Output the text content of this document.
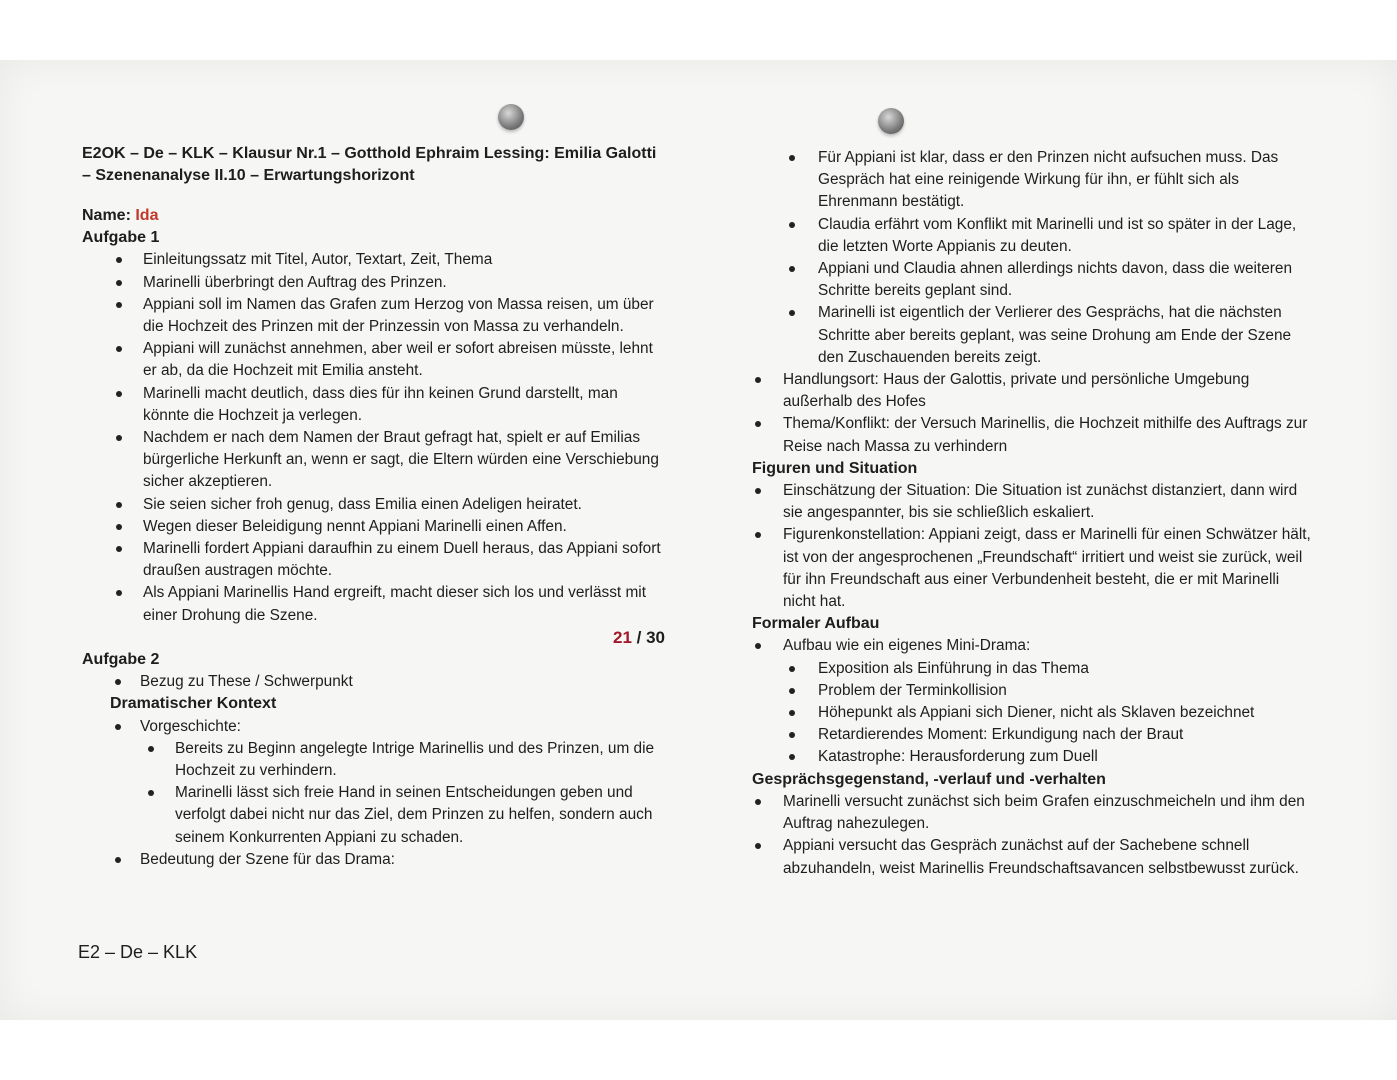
E2OK – De – KLK – Klausur Nr.1 – Gotthold Ephraim Lessing: Emilia Galotti
– Szenenanalyse II.10 – Erwartungshorizont
Name: Ida
Aufgabe 1
Einleitungssatz mit Titel, Autor, Textart, Zeit, Thema
Marinelli überbringt den Auftrag des Prinzen.
Appiani soll im Namen das Grafen zum Herzog von Massa reisen, um über die Hochzeit des Prinzen mit der Prinzessin von Massa zu verhandeln.
Appiani will zunächst annehmen, aber weil er sofort abreisen müsste, lehnt er ab, da die Hochzeit mit Emilia ansteht.
Marinelli macht deutlich, dass dies für ihn keinen Grund darstellt, man könnte die Hochzeit ja verlegen.
Nachdem er nach dem Namen der Braut gefragt hat, spielt er auf Emilias bürgerliche Herkunft an, wenn er sagt, die Eltern würden eine Verschiebung sicher akzeptieren.
Sie seien sicher froh genug, dass Emilia einen Adeligen heiratet.
Wegen dieser Beleidigung nennt Appiani Marinelli einen Affen.
Marinelli fordert Appiani daraufhin zu einem Duell heraus, das Appiani sofort draußen austragen möchte.
Als Appiani Marinellis Hand ergreift, macht dieser sich los und verlässt mit einer Drohung die Szene.
21 / 30
Aufgabe 2
Bezug zu These / Schwerpunkt
Dramatischer Kontext
Vorgeschichte:
Bereits zu Beginn angelegte Intrige Marinellis und des Prinzen, um die Hochzeit zu verhindern.
Marinelli lässt sich freie Hand in seinen Entscheidungen geben und verfolgt dabei nicht nur das Ziel, dem Prinzen zu helfen, sondern auch seinem Konkurrenten Appiani zu schaden.
Bedeutung der Szene für das Drama:
E2 – De – KLK
Für Appiani ist klar, dass er den Prinzen nicht aufsuchen muss. Das Gespräch hat eine reinigende Wirkung für ihn, er fühlt sich als Ehrenmann bestätigt.
Claudia erfährt vom Konflikt mit Marinelli und ist so später in der Lage, die letzten Worte Appianis zu deuten.
Appiani und Claudia ahnen allerdings nichts davon, dass die weiteren Schritte bereits geplant sind.
Marinelli ist eigentlich der Verlierer des Gesprächs, hat die nächsten Schritte aber bereits geplant, was seine Drohung am Ende der Szene den Zuschauenden bereits zeigt.
Handlungsort: Haus der Galottis, private und persönliche Umgebung außerhalb des Hofes
Thema/Konflikt: der Versuch Marinellis, die Hochzeit mithilfe des Auftrags zur Reise nach Massa zu verhindern
Figuren und Situation
Einschätzung der Situation: Die Situation ist zunächst distanziert, dann wird sie angespannter, bis sie schließlich eskaliert.
Figurenkonstellation: Appiani zeigt, dass er Marinelli für einen Schwätzer hält, ist von der angesprochenen „Freundschaft“ irritiert und weist sie zurück, weil für ihn Freundschaft aus einer Verbundenheit besteht, die er mit Marinelli nicht hat.
Formaler Aufbau
Aufbau wie ein eigenes Mini-Drama:
Exposition als Einführung in das Thema
Problem der Terminkollision
Höhepunkt als Appiani sich Diener, nicht als Sklaven bezeichnet
Retardierendes Moment: Erkundigung nach der Braut
Katastrophe: Herausforderung zum Duell
Gesprächsgegenstand, -verlauf und -verhalten
Marinelli versucht zunächst sich beim Grafen einzuschmeicheln und ihm den Auftrag nahezulegen.
Appiani versucht das Gespräch zunächst auf der Sachebene schnell abzuhandeln, weist Marinellis Freundschaftsavancen selbstbewusst zurück.
